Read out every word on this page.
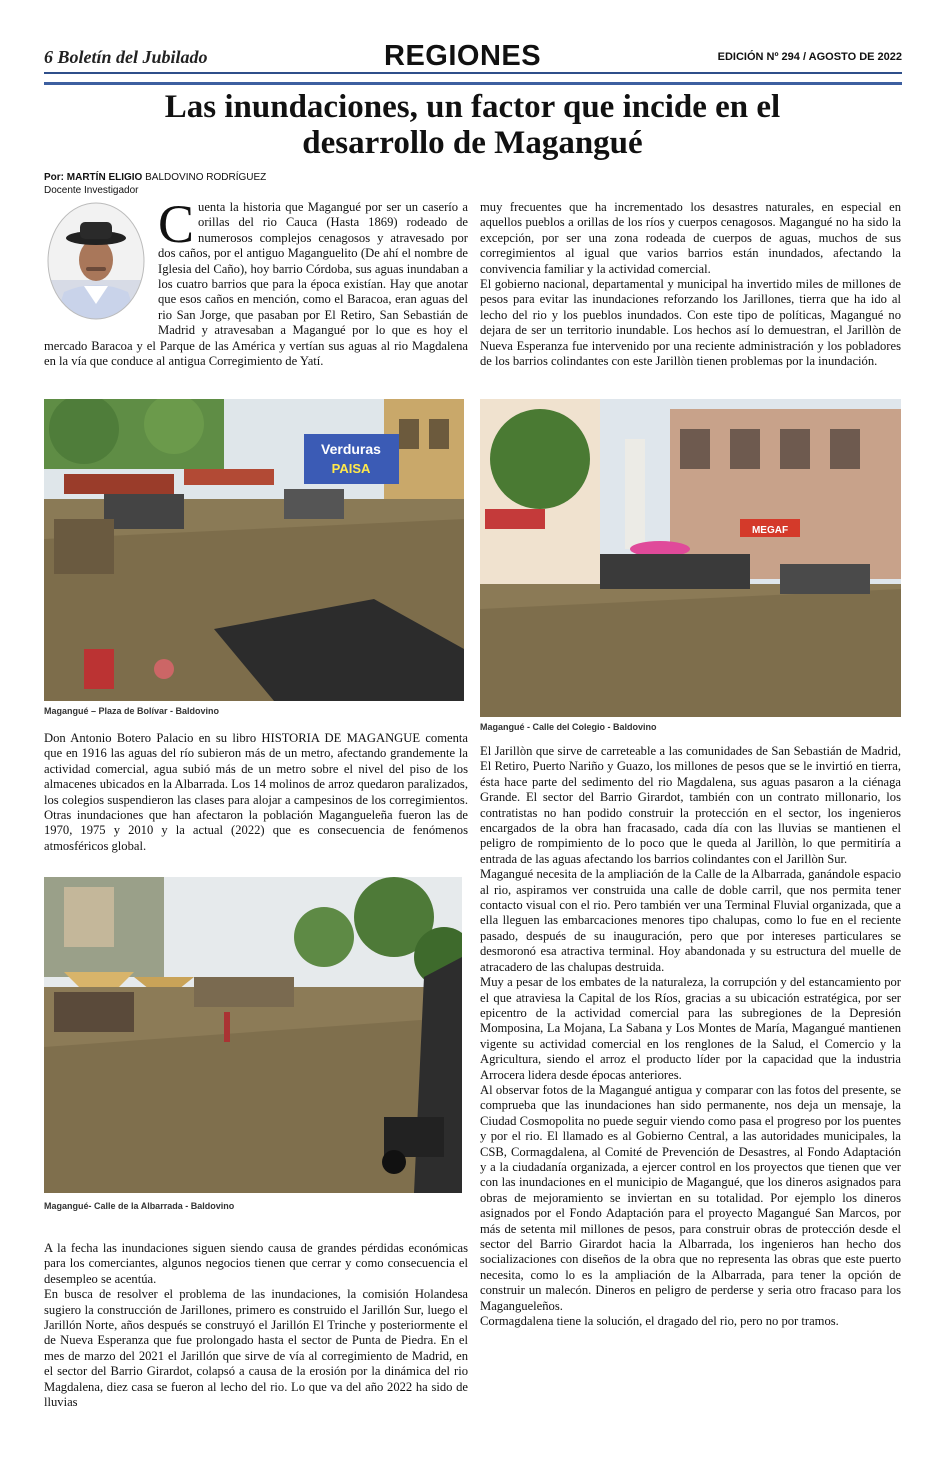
6 Boletín del Jubilado	REGIONES	EDICIÓN Nº 294 / AGOSTO DE 2022
Las inundaciones, un factor que incide en el
desarrollo de Magangué
Por: MARTÍN ELIGIO BALDOVINO RODRÍGUEZ
Docente Investigador
C uenta la historia que Magangué por ser un caserío a orillas del rio Cauca (Hasta 1869) rodeado de numerosos complejos cenagosos y atravesado por dos caños, por el antiguo Maganguelito (De ahí el nombre de Iglesia del Caño), hoy barrio Córdoba, sus aguas inundaban a los cuatro barrios que para la época existían. Hay que anotar que esos caños en mención, como el Baracoa, eran aguas del rio San Jorge, que pasaban por El Retiro, San Sebastián de Madrid y atravesaban a Magangué por lo que es hoy el mercado Baracoa y el Parque de las América y vertían sus aguas al rio Magdalena en la vía que conduce al antigua Corregimiento de Yatí.
Verduras
PAISA
Magangué – Plaza de Bolívar - Baldovino

Don Antonio Botero Palacio en su libro HISTORIA DE MAGANGUE comenta que en 1916 las aguas del río subieron más de un metro, afectando grandemente la actividad comercial, agua subió más de un metro sobre el nivel del piso de los almacenes ubicados en la Albarrada. Los 14 molinos de arroz quedaron paralizados, los colegios suspendieron las clases para alojar a campesinos de los corregimientos. Otras inundaciones que han afectaron la población Magangueleña fueron las de 1970, 1975 y 2010 y la actual (2022) que es consecuencia de fenómenos atmosféricos global.

Magangué- Calle de la Albarrada - Baldovino

A la fecha las inundaciones siguen siendo causa de grandes pérdidas económicas para los comerciantes, algunos negocios tienen que cerrar y como consecuencia el desempleo se acentúa.

En busca de resolver el problema de las inundaciones, la comisión Holandesa sugiero la construcción de Jarillones, primero es construido el Jarillón Sur, luego el Jarillón Norte, años después se construyó el Jarillón El Trinche y posteriormente el de Nueva Esperanza que fue prolongado hasta el sector de Punta de Piedra. En el mes de marzo del 2021 el Jarillón que sirve de vía al corregimiento de Madrid, en el sector del Barrio Girardot, colapsó a causa de la erosión por la dinámica del rio Magdalena, diez casa se fueron al lecho del rio. Lo que va del año 2022 ha sido de lluvias

muy frecuentes que ha incrementado los desastres naturales, en especial en aquellos pueblos a orillas de los ríos y cuerpos cenagosos. Magangué no ha sido la excepción, por ser una zona rodeada de cuerpos de aguas, muchos de sus corregimientos al igual que varios barrios están inundados, afectando la convivencia familiar y la actividad comercial.

El gobierno nacional, departamental y municipal ha invertido miles de millones de pesos para evitar las inundaciones reforzando los Jarillones, tierra que ha ido al lecho del rio y los pueblos inundados. Con este tipo de políticas, Magangué no dejara de ser un territorio inundable. Los hechos así lo demuestran, el Jarillòn de Nueva Esperanza fue intervenido por una reciente administración y los pobladores de los barrios colindantes con este Jarillòn tienen problemas por la inundación.

MEGAF
Magangué - Calle del Colegio - Baldovino

El Jarillòn que sirve de carreteable a las comunidades de San Sebastián de Madrid, El Retiro, Puerto Nariño y Guazo, los millones de pesos que se le invirtió en tierra, ésta hace parte del sedimento del rio Magdalena, sus aguas pasaron a la ciénaga Grande. El sector del Barrio Girardot, también con un contrato millonario, los contratistas no han podido construir la protección en el sector, los ingenieros encargados de la obra han fracasado, cada día con las lluvias se mantienen el peligro de rompimiento de lo poco que le queda al Jarillòn, lo que permitiría a entrada de las aguas afectando los barrios colindantes con el Jarillòn Sur.

Magangué necesita de la ampliación de la Calle de la Albarrada, ganándole espacio al rio, aspiramos ver construida una calle de doble carril, que nos permita tener contacto visual con el rio. Pero también ver una Terminal Fluvial organizada, que a ella lleguen las embarcaciones menores tipo chalupas, como lo fue en el reciente pasado, después de su inauguración, pero que por intereses particulares se desmoronó esa atractiva terminal. Hoy abandonada y su estructura del muelle de atracadero de las chalupas destruida.

Muy a pesar de los embates de la naturaleza, la corrupción y del estancamiento por el que atraviesa la Capital de los Ríos, gracias a su ubicación estratégica, por ser epicentro de la actividad comercial para las subregiones de la Depresión Momposina, La Mojana, La Sabana y Los Montes de María, Magangué mantienen vigente su actividad comercial en los renglones de la Salud, el Comercio y la Agricultura, siendo el arroz el producto líder por la capacidad que la industria Arrocera lidera desde épocas anteriores.

Al observar fotos de la Magangué antigua y comparar con las fotos del presente, se comprueba que las inundaciones han sido permanente, nos deja un mensaje, la Ciudad Cosmopolita no puede seguir viendo como pasa el progreso por los puentes y por el rio. El llamado es al Gobierno Central, a las autoridades municipales, la CSB, Cormagdalena, al Comité de Prevención de Desastres, al Fondo Adaptación y a la ciudadanía organizada, a ejercer control en los proyectos que tienen que ver con las inundaciones en el municipio de Magangué, que los dineros asignados para obras de mejoramiento se inviertan en su totalidad. Por ejemplo los dineros asignados por el Fondo Adaptación para el proyecto Magangué San Marcos, por más de setenta mil millones de pesos, para construir obras de protección desde el sector del Barrio Girardot hacia la Albarrada, los ingenieros han hecho dos socializaciones con diseños de la obra que no representa las obras que este puerto necesita, como lo es la ampliación de la Albarrada, para tener la opción de construir un malecón. Dineros en peligro de perderse y seria otro fracaso para los Magangueleños.

Cormagdalena tiene la solución, el dragado del rio, pero no por tramos.
